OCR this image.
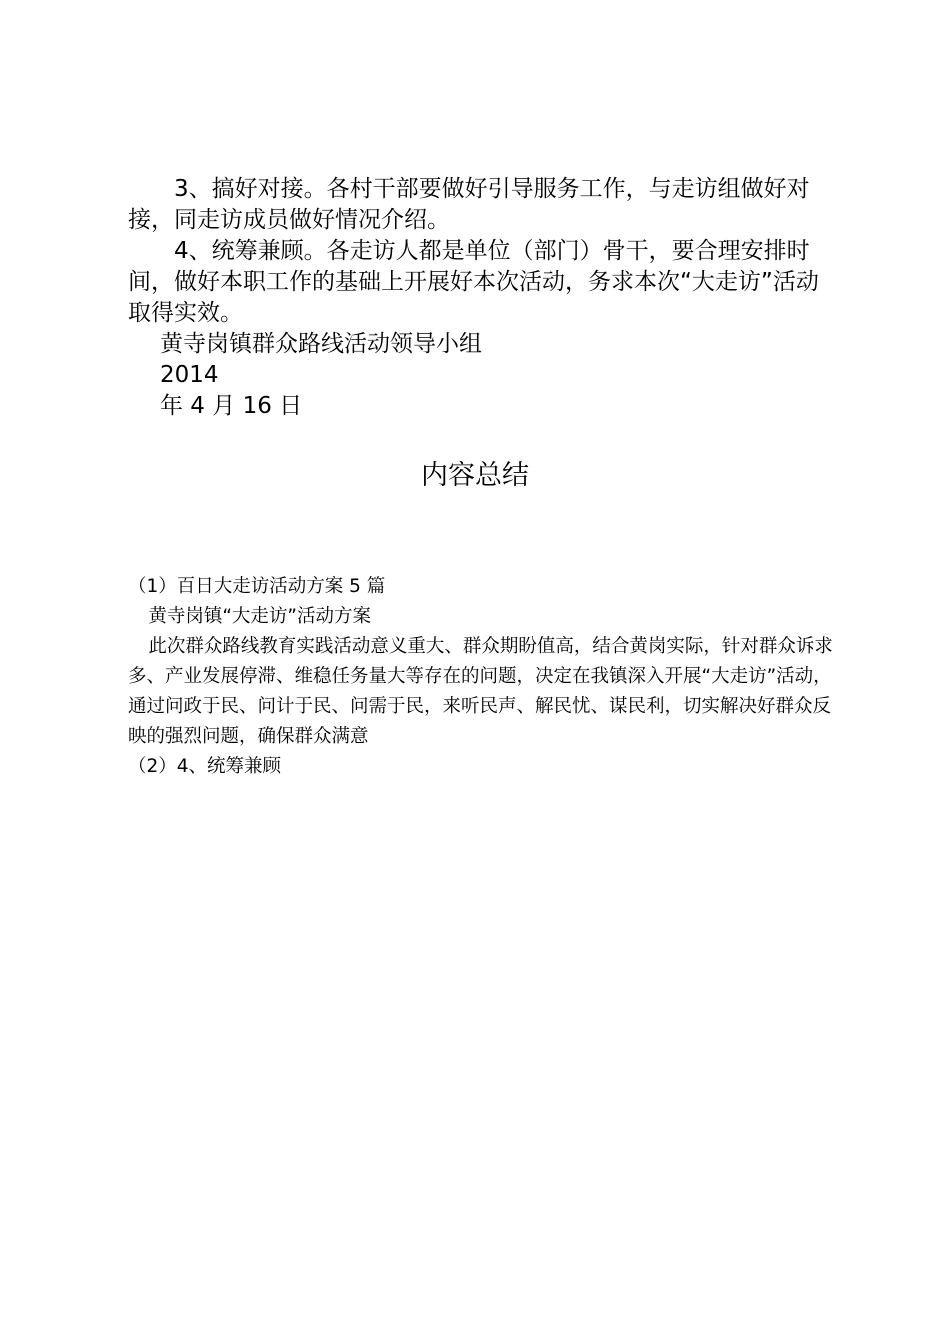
3、搞好对接。各村干部要做好引导服务工作，与走访组做好对接，同走访成员做好情况介绍。

4、统筹兼顾。各走访人都是单位（部门）骨干，要合理安排时间，做好本职工作的基础上开展好本次活动，务求本次“大走访”活动取得实效。

黄寺岗镇群众路线活动领导小组

2014

年 4 月 16 日

内容总结

（1）百日大走访活动方案 5 篇

黄寺岗镇“大走访”活动方案

此次群众路线教育实践活动意义重大、群众期盼值高，结合黄岗实际，针对群众诉求多、产业发展停滞、维稳任务量大等存在的问题，决定在我镇深入开展“大走访”活动，通过问政于民、问计于民、问需于民，来听民声、解民忧、谋民利，切实解决好群众反映的强烈问题，确保群众满意

（2）4、统筹兼顾
